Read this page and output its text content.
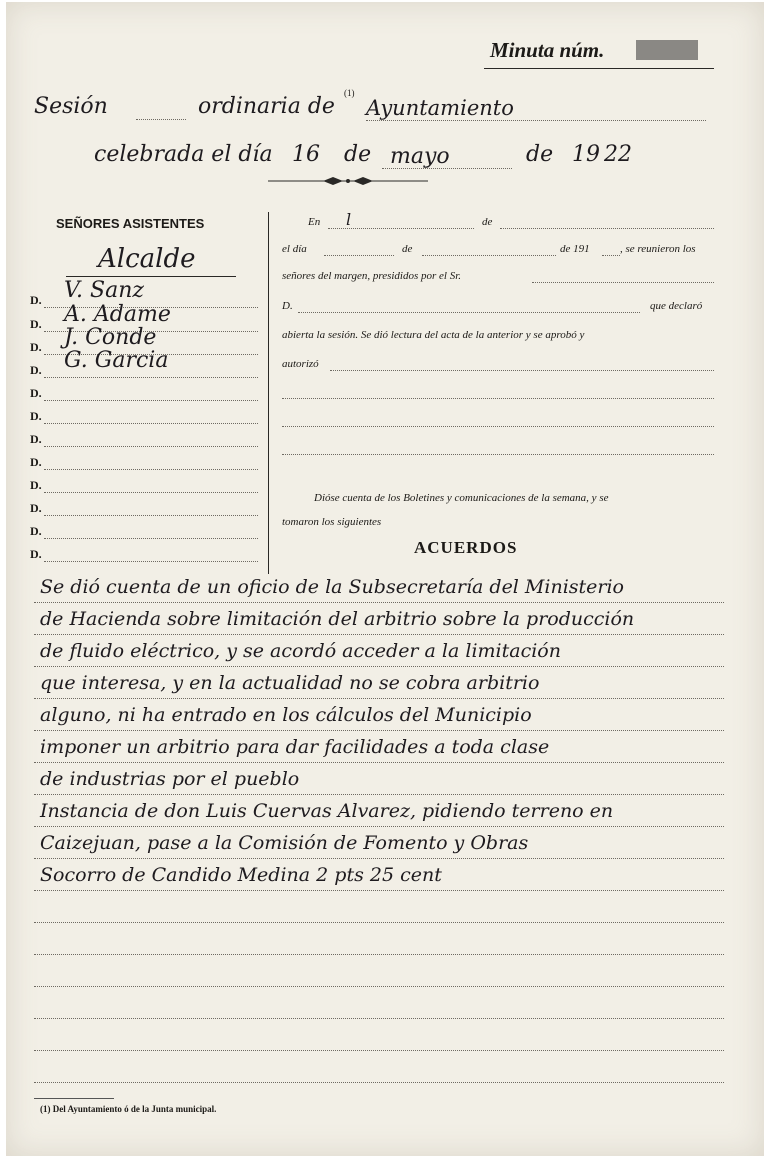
Minuta núm.
Sesión	ordinaria de
(1)
Ayuntamiento
celebrada el día 16 de mayo	de 19 22
SEÑORES ASISTENTES
Alcalde
D. V. Sanz
D. A. Adame
D. J. Conde
D. G. Garcia
D.
D.
D.
D.
D.
D.
D.
D.
En l	de
el día	de	de 191	, se reunieron los
señores del margen, presididos por el Sr.
D.	que declaró
abierta la sesión. Se dió lectura del acta de la anterior y se aprobó y
autorizó
Dióse cuenta de los Boletines y comunicaciones de la semana, y se
tomaron los siguientes
ACUERDOS
Se dió cuenta de un oficio de la Subsecretaría del Ministerio
de Hacienda sobre limitación del arbitrio sobre la producción
de fluido eléctrico, y se acordó acceder a la limitación
que interesa, y en la actualidad no se cobra arbitrio
alguno, ni ha entrado en los cálculos del Municipio
imponer un arbitrio para dar facilidades a toda clase
de industrias por el pueblo
Instancia de don Luis Cuervas Alvarez, pidiendo terreno en
Caizejuan, pase a la Comisión de Fomento y Obras
Socorro de Candido Medina 2 pts 25 cent
(1) Del Ayuntamiento ó de la Junta municipal.
